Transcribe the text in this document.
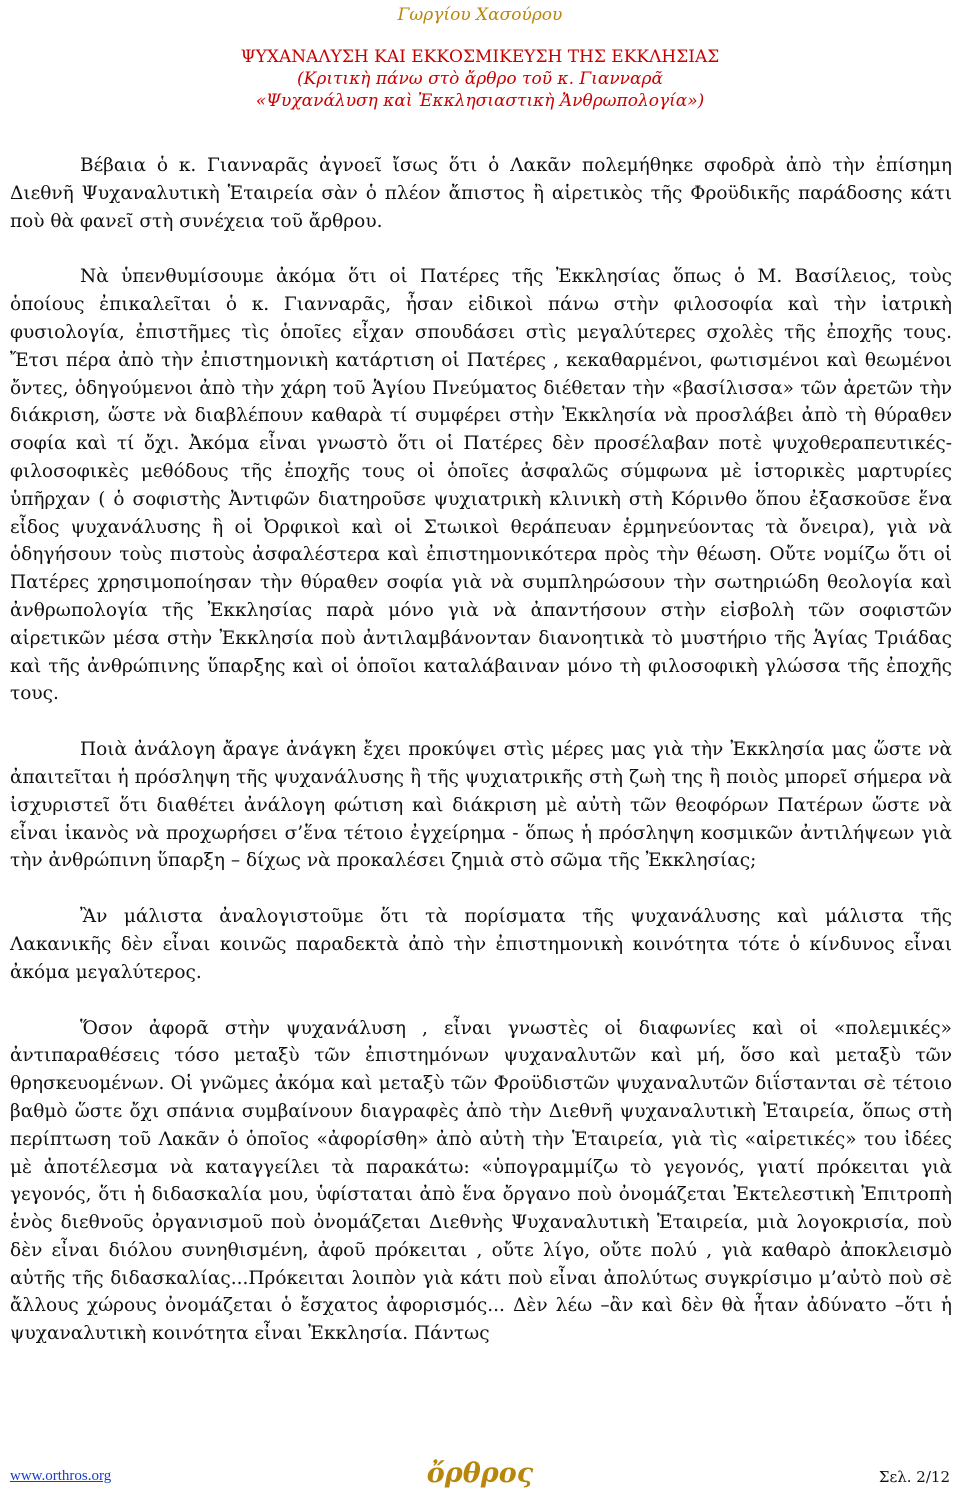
Γωργίου Χασούρου
ΨΥΧΑΝΑΛΥΣΗ ΚΑΙ ΕΚΚΟΣΜΙΚΕΥΣΗ ΤΗΣ ΕΚΚΛΗΣΙΑΣ
(Κριτικὴ πάνω στὸ ἄρθρο τοῦ κ. Γιανναρᾶ
«Ψυχανάλυση καὶ Ἐκκλησιαστικὴ Ἀνθρωπολογία»)

Βέβαια ὁ κ. Γιανναρᾶς ἀγνοεῖ ἴσως ὅτι ὁ Λακᾶν πολεμήθηκε σφοδρὰ ἀπὸ τὴν ἐπίσημη Διεθνῆ Ψυχαναλυτικὴ Ἑταιρεία σὰν ὁ πλέον ἄπιστος ἢ αἱρετικὸς τῆς Φροϋδικῆς παράδοσης κάτι ποὺ θὰ φανεῖ στὴ συνέχεια τοῦ ἄρθρου.

Νὰ ὑπενθυμίσουμε ἀκόμα ὅτι οἱ Πατέρες τῆς Ἐκκλησίας ὅπως ὁ Μ. Βασίλειος, τοὺς ὁποίους ἐπικαλεῖται ὁ κ. Γιανναρᾶς, ἦσαν εἰδικοὶ πάνω στὴν φιλοσοφία καὶ τὴν ἰατρικὴ φυσιολογία, ἐπιστῆμες τὶς ὁποῖες εἶχαν σπουδάσει στὶς μεγαλύτερες σχολὲς τῆς ἐποχῆς τους. Ἔτσι πέρα ἀπὸ τὴν ἐπιστημονικὴ κατάρτιση οἱ Πατέρες , κεκαθαρμένοι, φωτισμένοι καὶ θεωμένοι ὄντες, ὁδηγούμενοι ἀπὸ τὴν χάρη τοῦ Ἁγίου Πνεύματος διέθεταν τὴν «βασίλισσα» τῶν ἀρετῶν τὴν διάκριση, ὥστε νὰ διαβλέπουν καθαρὰ τί συμφέρει στὴν Ἐκκλησία νὰ προσλάβει ἀπὸ τὴ θύραθεν σοφία καὶ τί ὄχι. Ἀκόμα εἶναι γνωστὸ ὅτι οἱ Πατέρες δὲν προσέλαβαν ποτὲ ψυχοθεραπευτικές-φιλοσοφικὲς μεθόδους τῆς ἐποχῆς τους οἱ ὁποῖες ἀσφαλῶς σύμφωνα μὲ ἱστορικὲς μαρτυρίες ὑπῆρχαν ( ὁ σοφιστὴς Ἀντιφῶν διατηροῦσε ψυχιατρικὴ κλινικὴ στὴ Κόρινθο ὅπου ἐξασκοῦσε ἕνα εἶδος ψυχανάλυσης ἢ οἱ Ὀρφικοὶ καὶ οἱ Στωικοὶ θεράπευαν ἑρμηνεύοντας τὰ ὄνειρα), γιὰ νὰ ὁδηγήσουν τοὺς πιστοὺς ἀσφαλέστερα καὶ ἐπιστημονικότερα πρὸς τὴν θέωση. Οὔτε νομίζω ὅτι οἱ Πατέρες χρησιμοποίησαν τὴν θύραθεν σοφία γιὰ νὰ συμπληρώσουν τὴν σωτηριώδη θεολογία καὶ ἀνθρωπολογία τῆς Ἐκκλησίας παρὰ μόνο γιὰ νὰ ἀπαντήσουν στὴν εἰσβολὴ τῶν σοφιστῶν αἱρετικῶν μέσα στὴν Ἐκκλησία ποὺ ἀντιλαμβάνονταν διανοητικὰ τὸ μυστήριο τῆς Ἁγίας Τριάδας καὶ τῆς ἀνθρώπινης ὕπαρξης καὶ οἱ ὁποῖοι καταλάβαιναν μόνο τὴ φιλοσοφικὴ γλώσσα τῆς ἐποχῆς τους.

Ποιὰ ἀνάλογη ἄραγε ἀνάγκη ἔχει προκύψει στὶς μέρες μας γιὰ τὴν Ἐκκλησία μας ὥστε νὰ ἀπαιτεῖται ἡ πρόσληψη τῆς ψυχανάλυσης ἢ τῆς ψυχιατρικῆς στὴ ζωὴ της ἢ ποιὸς μπορεῖ σήμερα νὰ ἰσχυριστεῖ ὅτι διαθέτει ἀνάλογη φώτιση καὶ διάκριση μὲ αὐτὴ τῶν θεοφόρων Πατέρων ὥστε νὰ εἶναι ἱκανὸς νὰ προχωρήσει σ’ἕνα τέτοιο ἐγχείρημα - ὅπως ἡ πρόσληψη κοσμικῶν ἀντιλήψεων γιὰ τὴν ἀνθρώπινη ὕπαρξη – δίχως νὰ προκαλέσει ζημιὰ στὸ σῶμα τῆς Ἐκκλησίας;

Ἂν μάλιστα ἀναλογιστοῦμε ὅτι τὰ πορίσματα τῆς ψυχανάλυσης καὶ μάλιστα τῆς Λακανικῆς δὲν εἶναι κοινῶς παραδεκτὰ ἀπὸ τὴν ἐπιστημονικὴ κοινότητα τότε ὁ κίνδυνος εἶναι ἀκόμα μεγαλύτερος.

Ὅσον ἀφορᾶ στὴν ψυχανάλυση , εἶναι γνωστὲς οἱ διαφωνίες καὶ οἱ «πολεμικές» ἀντιπαραθέσεις τόσο μεταξὺ τῶν ἐπιστημόνων ψυχαναλυτῶν καὶ μή, ὅσο καὶ μεταξὺ τῶν θρησκευομένων. Οἱ γνῶμες ἀκόμα καὶ μεταξὺ τῶν Φροϋδιστῶν ψυχαναλυτῶν διΐστανται σὲ τέτοιο βαθμὸ ὥστε ὄχι σπάνια συμβαίνουν διαγραφὲς ἀπὸ τὴν Διεθνῆ ψυχαναλυτικὴ Ἑταιρεία, ὅπως στὴ περίπτωση τοῦ Λακᾶν ὁ ὁποῖος «ἀφορίσθη» ἀπὸ αὐτὴ τὴν Ἑταιρεία, γιὰ τὶς «αἱρετικές» του ἰδέες μὲ ἀποτέλεσμα νὰ καταγγείλει τὰ παρακάτω: «ὑπογραμμίζω τὸ γεγονός, γιατί πρόκειται γιὰ γεγονός, ὅτι ἡ διδασκαλία μου, ὑφίσταται ἀπὸ ἕνα ὄργανο ποὺ ὀνομάζεται Ἐκτελεστικὴ Ἐπιτροπὴ ἑνὸς διεθνοῦς ὀργανισμοῦ ποὺ ὀνομάζεται Διεθνὴς Ψυχαναλυτικὴ Ἑταιρεία, μιὰ λογοκρισία, ποὺ δὲν εἶναι διόλου συνηθισμένη, ἀφοῦ πρόκειται , οὔτε λίγο, οὔτε πολύ , γιὰ καθαρὸ ἀποκλεισμὸ αὐτῆς τῆς διδασκαλίας...Πρόκειται λοιπὸν γιὰ κάτι ποὺ εἶναι ἀπολύτως συγκρίσιμο μ’αὐτὸ ποὺ σὲ ἄλλους χώρους ὀνομάζεται ὁ ἔσχατος ἀφορισμός... Δὲν λέω –ἂν καὶ δὲν θὰ ἦταν ἀδύνατο –ὅτι ἡ ψυχαναλυτικὴ κοινότητα εἶναι Ἐκκλησία. Πάντως

www.orthros.org	ὄρθρος	Σελ. 2/12
